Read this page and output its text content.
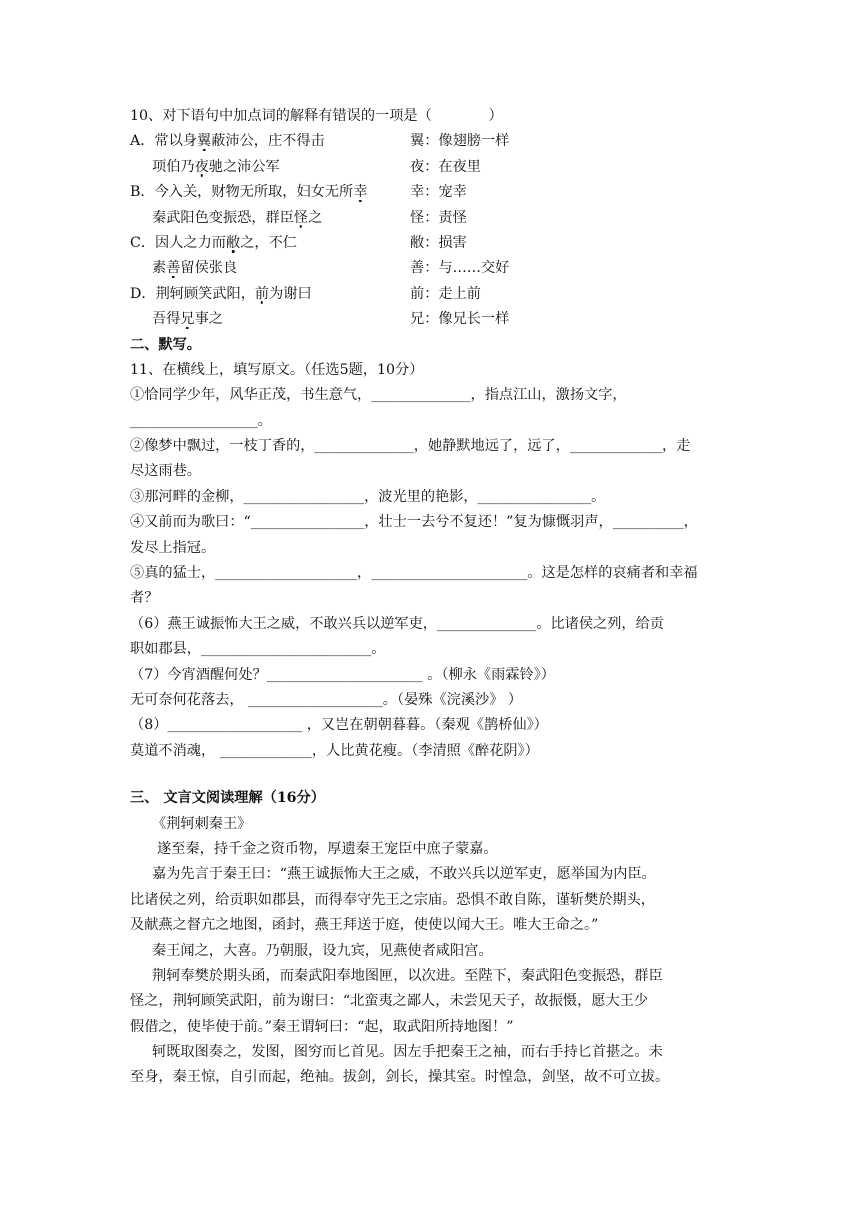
10、对下语句中加点词的解释有错误的一项是（　　　　）
A．常以身翼蔽沛公，庄不得击	翼：像翅膀一样
项伯乃夜驰之沛公军	夜：在夜里
B．今入关，财物无所取，妇女无所幸	幸：宠幸
秦武阳色变振恐，群臣怪之	怪：责怪
C．因人之力而敝之，不仁	敝：损害
素善留侯张良	善：与……交好
D．荆轲顾笑武阳，前为谢曰	前：走上前
吾得兄事之	兄：像兄长一样
二、默写。
11、在横线上，填写原文。（任选5题，10分）
①恰同学少年，风华正茂，书生意气，______________，指点江山，激扬文字，
__________________。
②像梦中飘过，一枝丁香的，______________，她静默地远了，远了，_____________，走
尽这雨巷。
③那河畔的金柳，_________________，波光里的艳影，________________。
④又前而为歌曰：“________________，壮士一去兮不复还！”复为慷慨羽声，__________，
发尽上指冠。
⑤真的猛士，____________________，______________________。这是怎样的哀痛者和幸福
者？
（6）燕王诚振怖大王之威，不敢兴兵以逆军吏，______________。比诸侯之列，给贡
职如郡县，________________________。
（7）今宵酒醒何处？______________________ 。（柳永《雨霖铃》）
无可奈何花落去， ___________________。（晏殊《浣溪沙》 ）
（8）___________________ ，又岂在朝朝暮暮。（秦观《鹊桥仙》）
莫道不消魂， _____________，人比黄花瘦。（李清照《醉花阴》）
三、 文言文阅读理解（16分）
《荆轲刺秦王》
遂至秦，持千金之资币物，厚遗秦王宠臣中庶子蒙嘉。
嘉为先言于秦王曰：“燕王诚振怖大王之威，不敢兴兵以逆军吏，愿举国为内臣。
比诸侯之列，给贡职如郡县，而得奉守先王之宗庙。恐惧不敢自陈，谨斩樊於期头，
及献燕之督亢之地图，函封，燕王拜送于庭，使使以闻大王。唯大王命之。”
秦王闻之，大喜。乃朝服，设九宾，见燕使者咸阳宫。
荆轲奉樊於期头函，而秦武阳奉地图匣，以次进。至陛下，秦武阳色变振恐，群臣
怪之，荆轲顾笑武阳，前为谢曰：“北蛮夷之鄙人，未尝见天子，故振慑，愿大王少
假借之，使毕使于前。”秦王谓轲曰：“起，取武阳所持地图！”
轲既取图奏之，发图，图穷而匕首见。因左手把秦王之袖，而右手持匕首揕之。未
至身，秦王惊，自引而起，绝袖。拔剑，剑长，操其室。时惶急，剑坚，故不可立拔。
